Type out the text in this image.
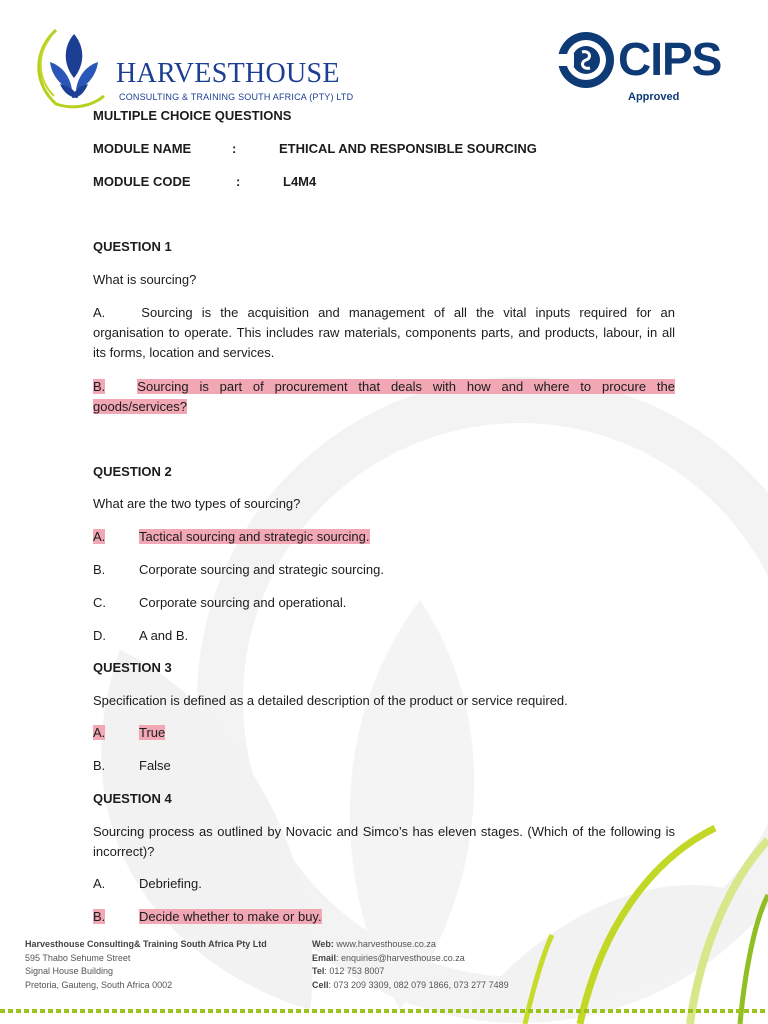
HARVESTHOUSE
CONSULTING & TRAINING SOUTH AFRICA (PTY) LTD
CIPS
Approved
MULTIPLE CHOICE QUESTIONS
MODULE NAME	:	ETHICAL AND RESPONSIBLE SOURCING
MODULE CODE	:	L4M4
QUESTION 1
What is sourcing?
A.	Sourcing is the acquisition and management of all the vital inputs required for an organisation to operate. This includes raw materials, components parts, and products, labour, in all its forms, location and services.
B. Sourcing is part of procurement that deals with how and where to procure the goods/services?
QUESTION 2
What are the two types of sourcing?
A.	Tactical sourcing and strategic sourcing.
B.	Corporate sourcing and strategic sourcing.
C.	Corporate sourcing and operational.
D.	A and B.
QUESTION 3
Specification is defined as a detailed description of the product or service required.
A.	True
B.	False
QUESTION 4
Sourcing process as outlined by Novacic and Simco’s has eleven stages. (Which of the following is incorrect)?
A.	Debriefing.
B.	Decide whether to make or buy.
Harvesthouse Consulting& Training South Africa Pty Ltd
595 Thabo Sehume Street
Signal House Building
Pretoria, Gauteng, South Africa 0002
Web: www.harvesthouse.co.za
Email: enquiries@harvesthouse.co.za
Tel: 012 753 8007
Cell: 073 209 3309, 082 079 1866, 073 277 7489
